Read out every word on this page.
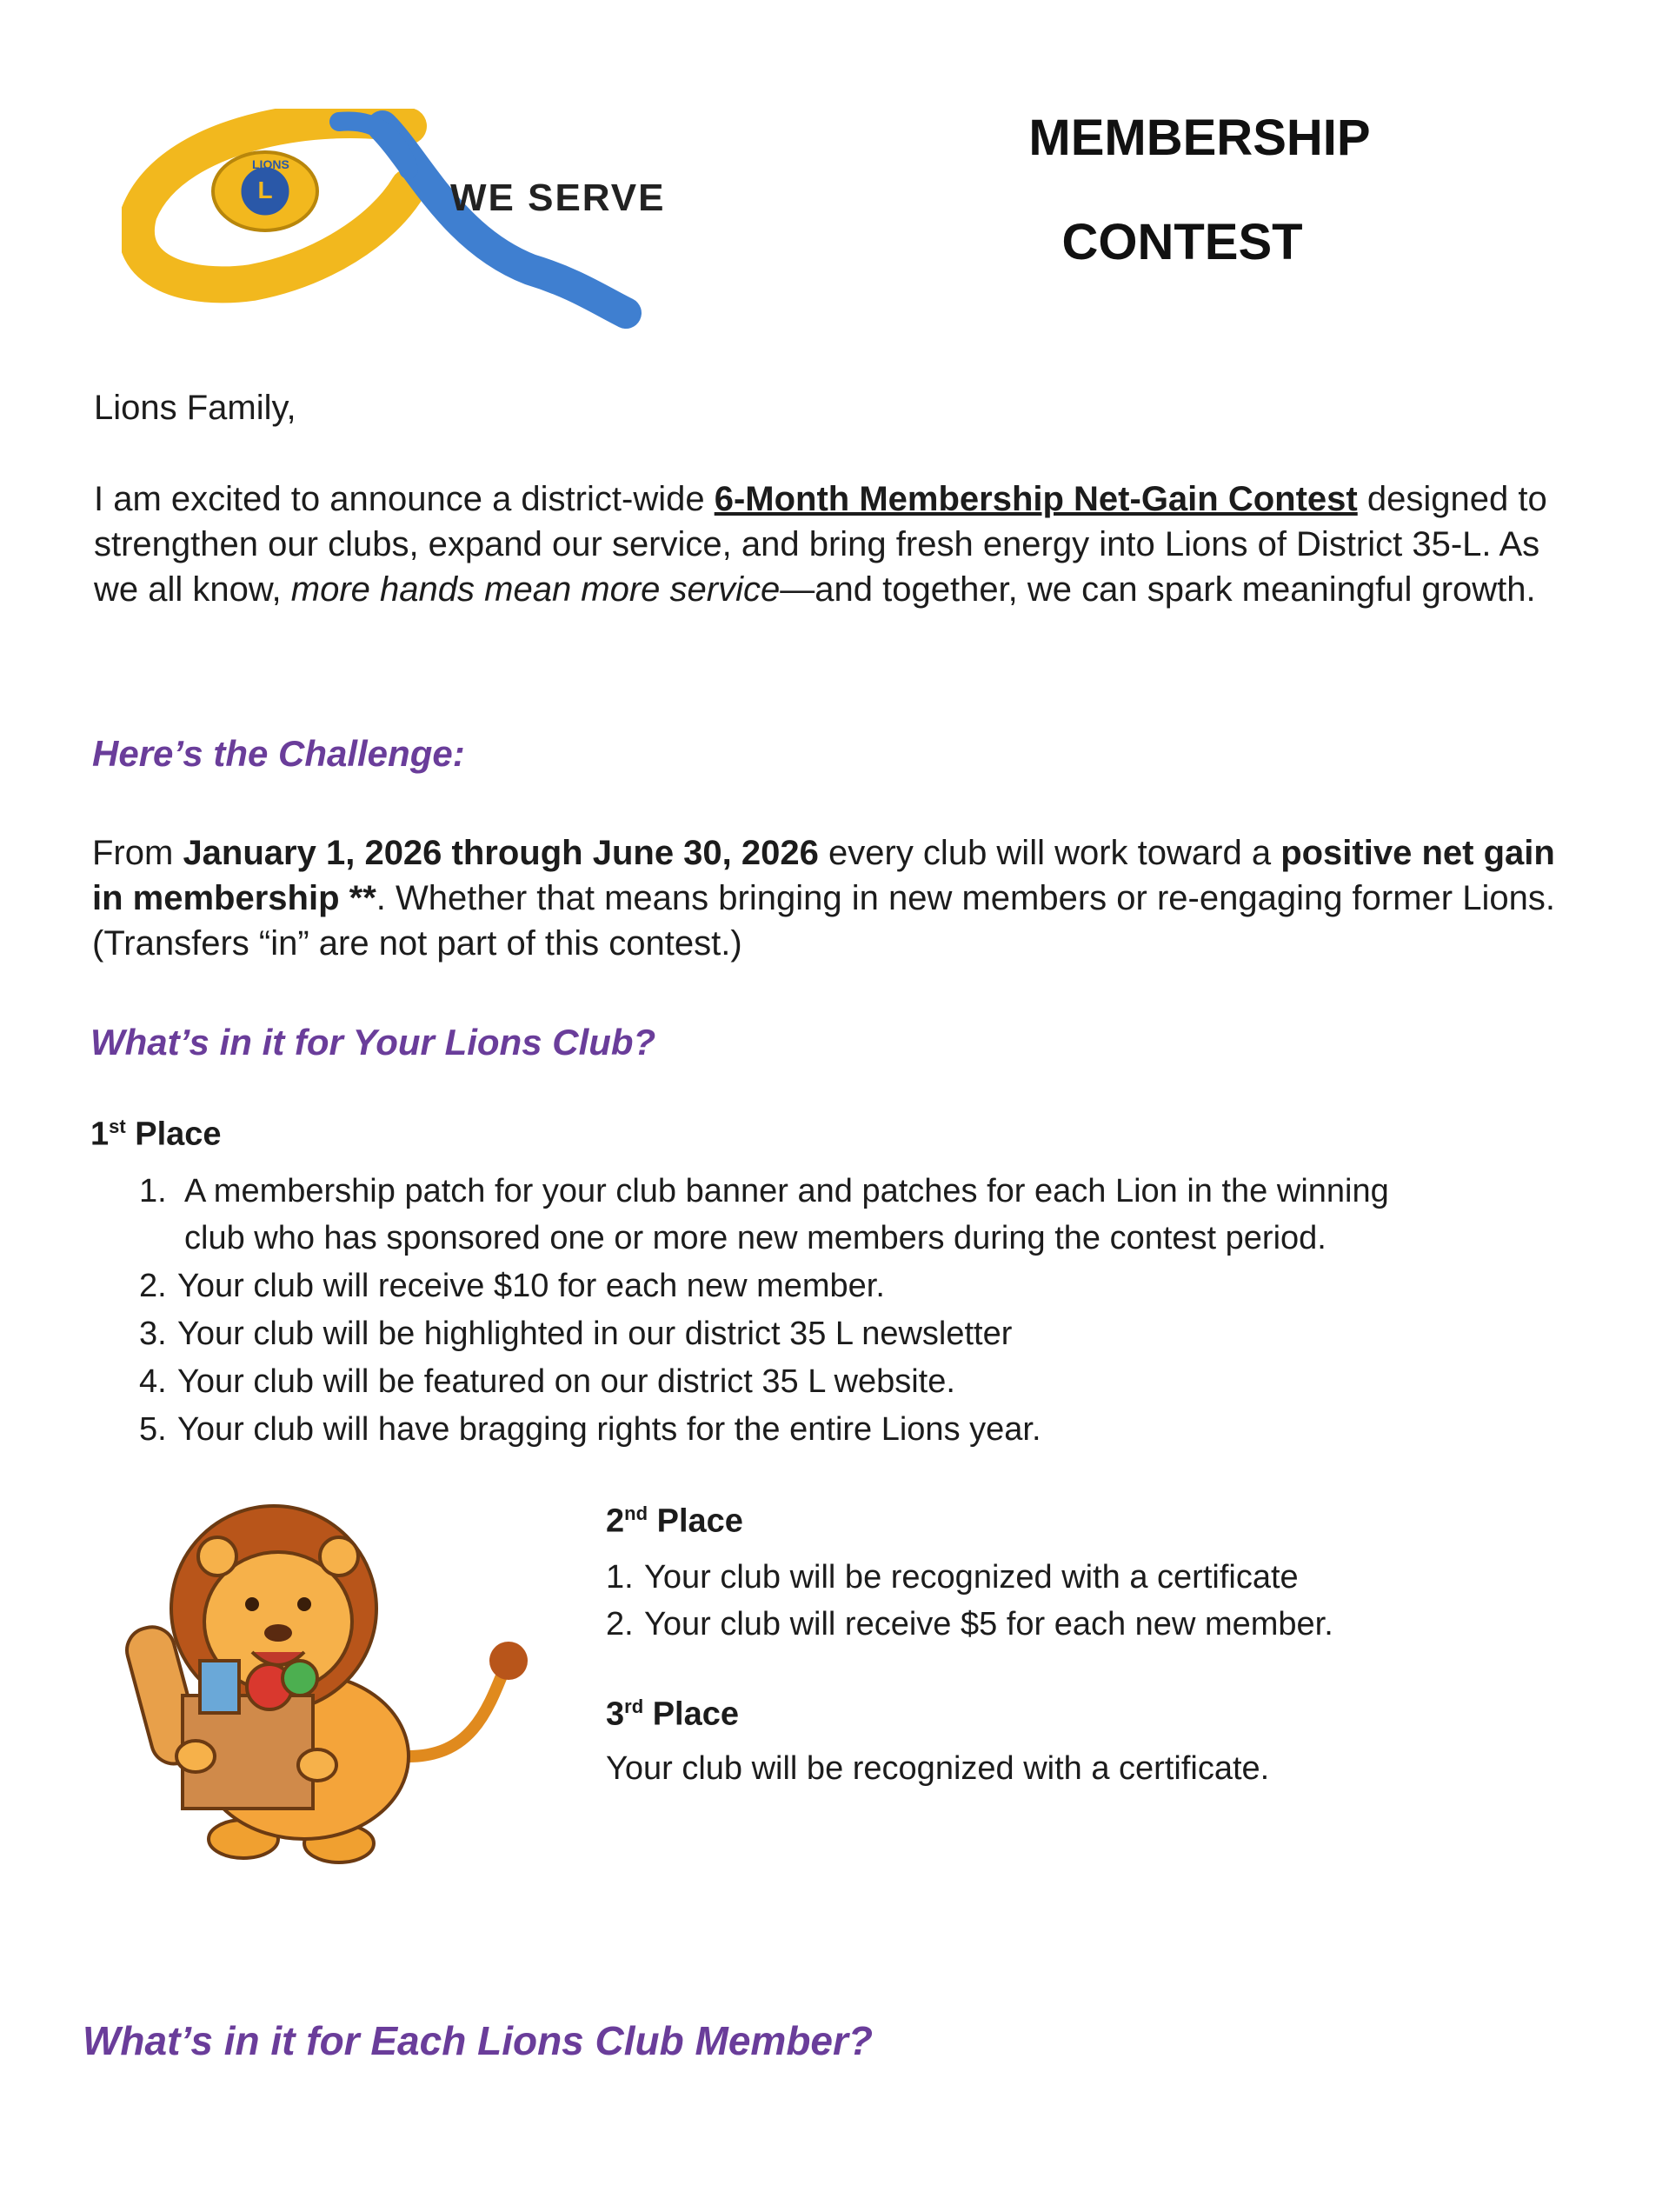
LIONS
L	WE SERVE
MEMBERSHIP
CONTEST
Lions Family,
I am excited to announce a district-wide 6-Month Membership Net-Gain Contest designed to strengthen our clubs, expand our service, and bring fresh energy into Lions of District 35-L. As we all know, more hands mean more service—and together, we can spark meaningful growth.
Here’s the Challenge:
From January 1, 2026 through June 30, 2026 every club will work toward a positive net gain in membership **. Whether that means bringing in new members or re-engaging former Lions. (Transfers “in” are not part of this contest.)
What’s in it for Your Lions Club?
1st Place
1. A membership patch for your club banner and patches for each Lion in the winning
club who has sponsored one or more new members during the contest period.
2. Your club will receive $10 for each new member.
3. Your club will be highlighted in our district 35 L newsletter
4. Your club will be featured on our district 35 L website.
5. Your club will have bragging rights for the entire Lions year.
2nd Place
1. Your club will be recognized with a certificate
2. Your club will receive $5 for each new member.
3rd Place
Your club will be recognized with a certificate.
What’s in it for Each Lions Club Member?
